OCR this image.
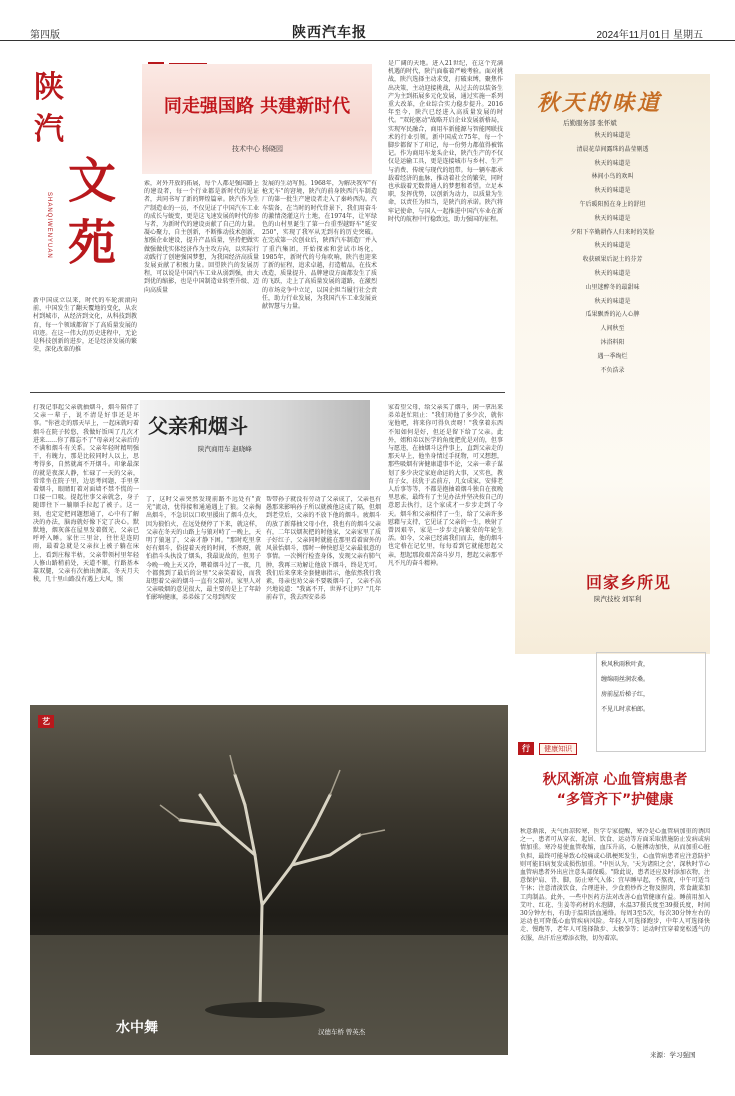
第四版	陕西汽车报	2024年11月01日 星期五
陕
汽
文
苑
SHANQIWENYUAN

同走强国路 共建新时代
技术中心 杨晓园
新中国成立以来，时代的车轮滚滚向前，中国发生了翻天覆地的变化，从农村到城市，从经济到文化，从科技到教育，每一个领域都留下了高质量发展的印迹。在这一伟大的历史进程中，无论是科技创新的进步，还是经济发展的繁荣，深化改革的推
索，对外开放的拓展，每个人都是强国路上的建设者，每一个行业都是新时代的见证者，共同书写了新的辉煌篇章。陕汽作为生产制造业的一员，不仅见证了中国汽车工业的成长与蜕变，更是这飞速发展的时代的参与者，为新时代的建设贡献了自己的力量。凝心聚力，自主创新，不断推动技术创新，加强企业建设，提升产品质量，坚持把做实做强做优实体经济作为主攻方向，以实际行动践行了创建强国梦想，为我国经济高质量发展贡献了积极力量。回望陕汽的发展历程，可以说是中国汽车工业从弱到强，由大到优的缩影，也是中国制造业转型升级、迈向高质量
发展的生动写照。1968年，为解决我军"有枪无车"的窘境，陕汽的前身陕西汽车制造厂的第一批生产建设者走入了秦岭西沟。汽车装备，在当时的时代背景下，我们用奋斗的激情浇灌这片土地，在1974年，让军绿色的山村里诞生了第一台重型越野车"延安250"，实现了我军从无到有的历史突破。在完成第一次创业后，陕西汽车制造厂并入了重汽集团，开始探索和尝试市场化，1985年，新时代的号角吹响，陕汽也迎来了新的征程，追求卓越，打造精品，在技术改造，质量提升、品牌建设方面都发生了质的飞跃，走上了高质量发展的道路，在激烈的市场竞争中立足，以国企担当履行社会责任，助力行业发展，为我国汽车工业发展贡献智慧与力量。
是广阔的天地。进入21世纪，在这个充满机遇的时代，陕汽面临着严峻考验。面对挑战，陕汽选择主动求变，打破束缚，聚焦作出决策，主动迎接挑战，从过去的以装备生产为主到拓展多元化发展，通过实施一系列重大改革，企业综合实力稳步提升。2016年至今，陕汽已经进入高质量发展的时代。"双轮驱动"战略开启企业发展新格局，实现军民融合，商用车新能源与智能网联技术的行业引领。新中国成立75年，每一个脚步都留下了印记，每一份努力都值得被铭记。作为商用车龙头企业，陕汽生产的不仅仅是运输工具，更是连接城市与乡村、生产与消费、传统与现代的纽带。每一辆车都承载着经济的血脉，推动着社会的繁荣，同时也承载着无数普通人的梦想和希望。立足本职，发挥优势，以创新为动力，以质量为生命，以责任为担当，是陕汽的承诺。陕汽将牢记使命，与国人一起推进中国汽车业在新时代的航程中行稳致远，助力强国的征程。
父亲和烟斗
陕汽商用车 赵晓峰
打我记事起父亲就抽烟斗，烟斗陪伴了父亲一辈子，说不清是好事还是坏事。"你爸走的那天早上，一起床就叼着烟斗在院子转悠，我做好饭叫了几次才进来……你了都忘不了"母亲对父亲后的不满和烟斗有关系。父亲年轻时精明强干，有魄力，那是比较同时人以上，思考得多，自然就离不开烟斗。印象最深的就是夜深人静，忙碌了一天的父亲，常常坐在院子里，边思考问题，手里拿着烟斗，眼睛盯着对面墙不禁不慌的一口接一口吸。提起往事父亲就念，身子随即往下一躺顺手拉起了被子。这一刻，也定定把问题想通了，心中有了解决的办法，脑海就好像下定了决心。默默地，烟灰落在屋里发着微光，父亲已呼呼入睡。家住三里岔，往往是连阴雨，最着急就是父亲拉上被子躺在床上，看到庄稼半枯，父亲带领村里年轻人修山路稍前处，天道不顺，行路基本靠双腿，父亲有次抽出颈部，冬天月夫稜，几十里山路没有遇上大风，照
了，这时父亲突然发现前路不远处有"黄光"流动，忧得接和通通遇上了狼。父亲掏出烟斗，不急识以口吹里援出了烟斗点火，因为狼怕火，在远处便停了下来，就这样，父亲在冬天的山路上与狼对峙了一晚上，天明了狼退了，父亲才静下困。"那时吃里拿好有烟斗，俗提着天亮的时间，不然呀，就怕指斗头执没了烟头，我最说故的，但男子今晚一晚上天又冷，喂着烟斗过了一夜，几个都熬到了最后的岔里"父亲笑着说，而我却想着父亲的烟斗一直有父陪对。家里人对父亲吸烟的意见很大，最主要的是上了年龄怕影响健康，弟弟妹了父母到西安
帮带孙子就没有劳动了父亲成了，父亲也有愚那来影响孙子所以就被他这成了隔，但烟到老堂后，父亲的不放下他的烟斗。疲烟斗的放了新幕抽父母小住，我也有的烟斗父亲有，二年以烟灰把的时他家，父亲家里了质子好红子，父亲同时就能在那里看着窗外的风景怡烟斗，那时一种快慰是父亲最很意的事情。一次例行检查身体，发现父亲有肺气肿，我再三劝解让他放下烟斗，终是无可。我们后来拿来全套健康指示，他依然我行我素，母亲也劝父亲不要吸烟斗了，父亲不高兴地说道："我离不开，世界不让吗？"几年前春节，我去西安弟弟
家看望父母，给父亲买了烟斗，闲一拿出来弟弟赶忙阻止："我们劝他了多少次，就你宠他吧，将来你可得负责呀！"我拿着东西不知如何是好，但还是留下给了父亲。此外，姐和弟以医学的角度把优是对的，但事与愿违，在抽烟斗这件事上，直到父亲走的那天早上，他坐身情过手抚物，可又想想，那些吸烟有害健康道事不论，父亲一辈子谋划了多少决定家庭命运的大事，又实也，教育子女，扶犹于孟前方，几女成家，安排老人后事等等，不都是抱抽着烟斗独自在夜晚里思索，最终有了主见办法并坚决按自己的意愿去执行，这个家成才一步步走到了今天。烟斗和父亲相伴了一生，给了父亲许多慰藉与支持，它见证了父亲的一生，映射了曾因艰辛，家是一步步走向繁荣的年轮生活。如今，父亲已经离我们而去，他的烟斗也定格在记忆里，每每看到它就能想起父亲，想起那段艰苦奋斗岁月，想起父亲那平凡不凡的奋斗精神。
秋天的味道
后勤服务部 张怀斌
秋天的味道是
清晨花草间露珠的晶莹剔透
秋天的味道是
林间小鸟的欢叫
秋天的味道是
午后暖阳照在身上的舒坦
秋天的味道是
夕阳下辛勤耕作人归来时的笑脸
秋天的味道是
收获硕果后泥土的芬芳
秋天的味道是
山里迷醉冬的最甜味
秋天的味道是
瓜果飘香的沁人心脾
人间秋至
沐浴料阳
遇一季绚烂
不负浩录
回家乡所见
陕汽技校 刘军利
秋风秋雨秋叶黄，
缠绵雨丝润农桑。
房前屋后梯子红，
不见儿时求柏郎。
艺
水中舞	汉德车桥 曾英杰
行 健康知识
秋风渐凉 心血管病患者
“多管齐下”护健康
秋意渐浓，天气由凉转寒，医学专家提醒，寒冷是心血管病加重的诱因之一，患者可从穿衣、起居、饮食、运动等方面采取措施防止发病或病情加重。寒冷易使血管收缩，血压升高，心脏搏动加快，从而加重心脏负担，最终可能导致心绞痛或心肌梗死发生，心血管病患者应注意防护则可能旧病复发或损伤加重。"中医认为，'天为诸阳之会'，深秋时节心血管病患者外出应注意头部保暖。"除此说，患者还应及时添加衣物，注意保护肩、背、脚，防止寒气入体；宜早睡早起，不熬夜，中午可适当午休；注意清淡饮食，合理进补，少食煎炒炸之物及腥肉，常食蔬菜加工肉制品。此外，一些中医药方法对改善心血管健康有益。睡前用加入艾叶、红花、生姜等药材的水泡脚，水温37摄氏度至39摄氏度，时间30分钟左右，有助于温阳活血通络。每周3至5次，每次30分钟左右的运动也可降低心血管疾病风险。年轻人可选择跑步，中年人可选择快走、慢跑等，老年人可选择散步、太极拳等；运动时宜穿着宽松透气的衣服，出汗后应增添衣物，切勿着凉。
来源：学习强国
